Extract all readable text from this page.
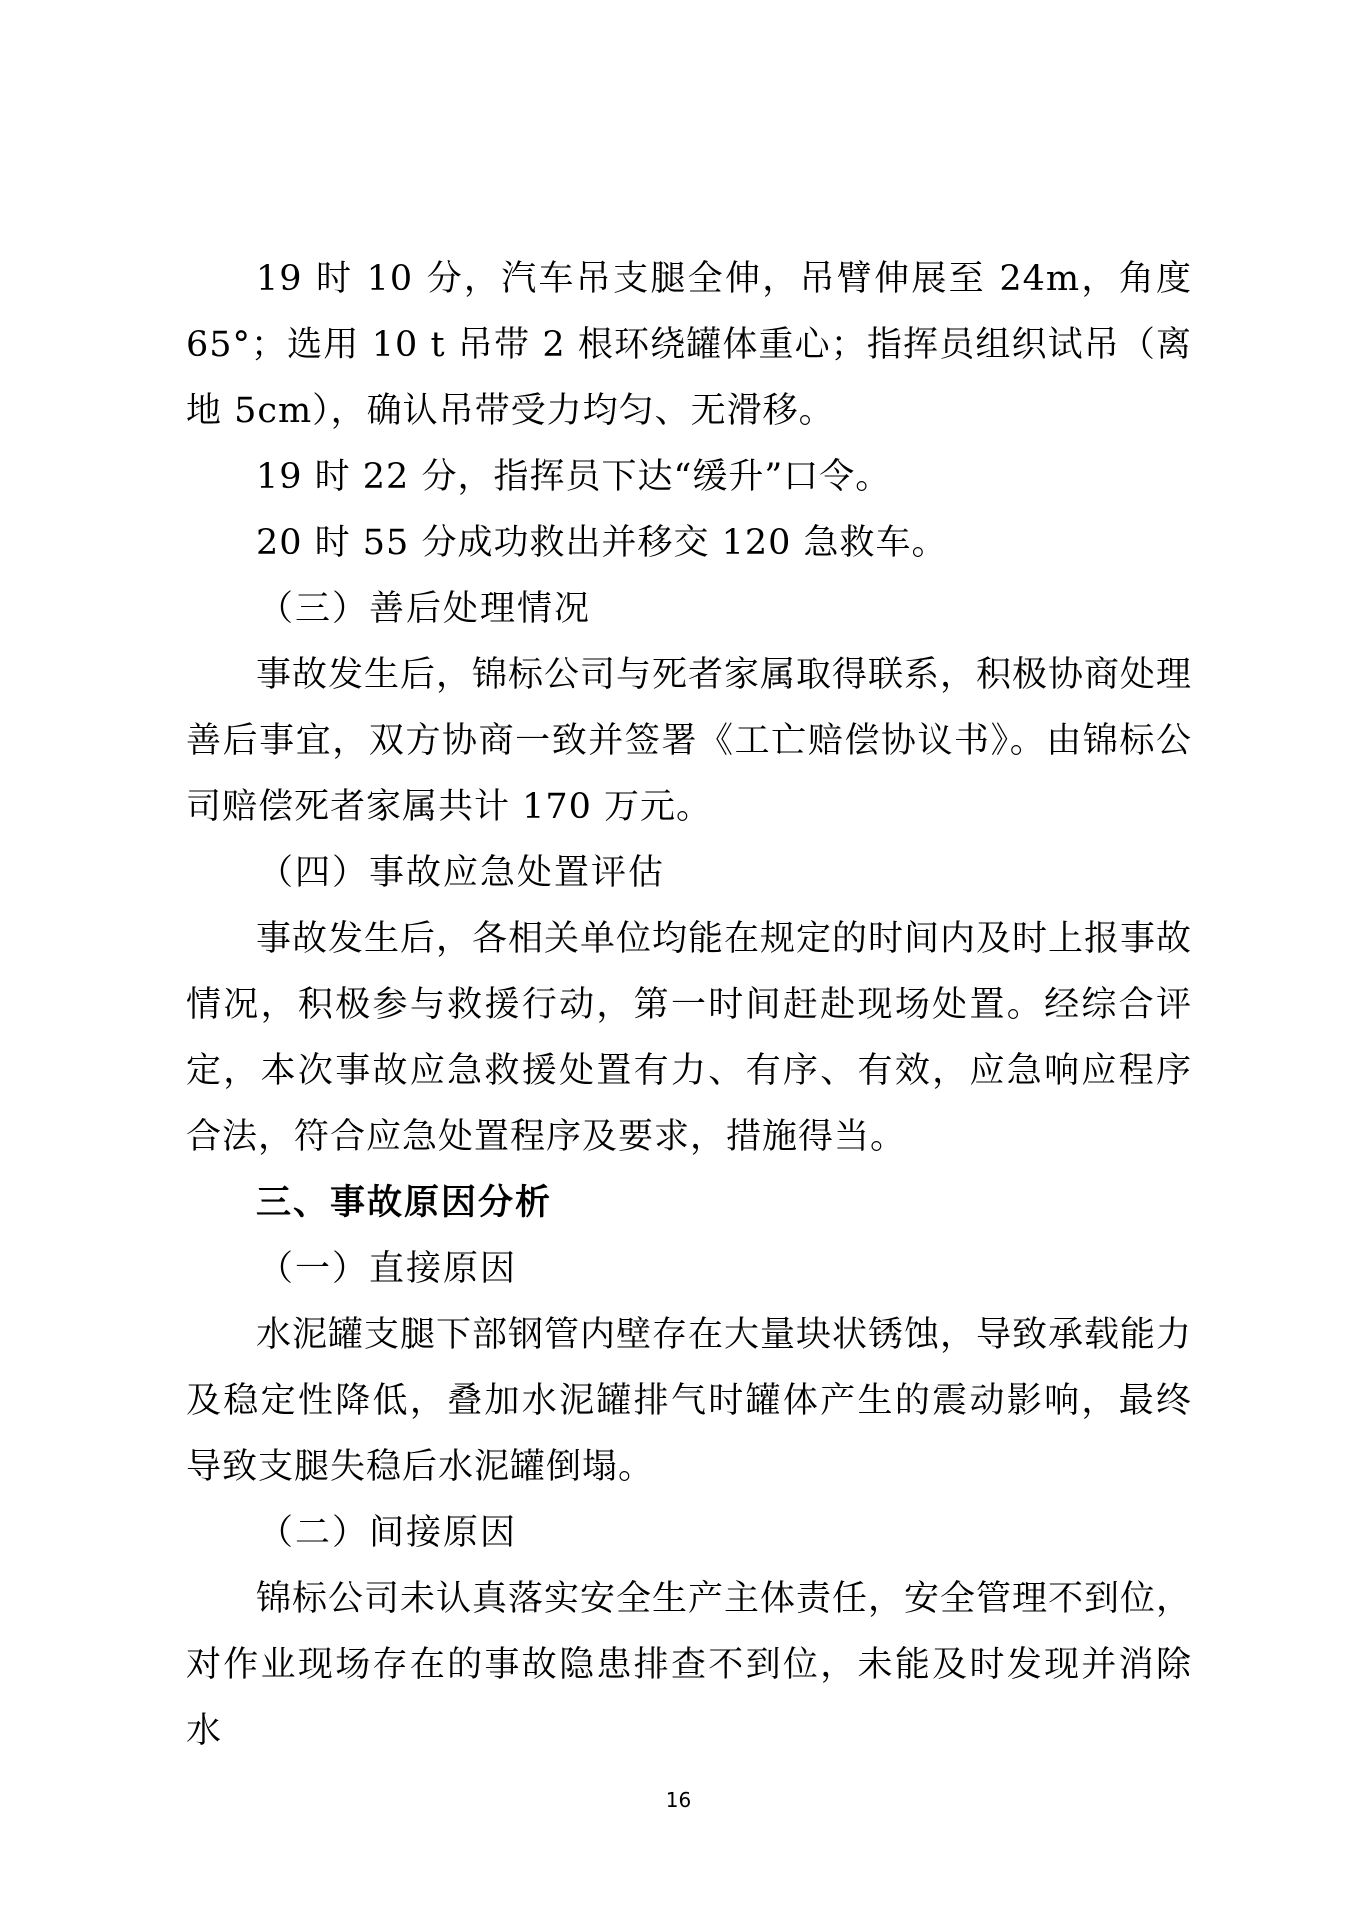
19 时 10 分，汽车吊支腿全伸，吊臂伸展至 24m，角度 65°；选用 10 t 吊带 2 根环绕罐体重心；指挥员组织试吊（离地 5cm），确认吊带受力均匀、无滑移。

19 时 22 分，指挥员下达“缓升”口令。

20 时 55 分成功救出并移交 120 急救车。

（三）善后处理情况

事故发生后，锦标公司与死者家属取得联系，积极协商处理善后事宜，双方协商一致并签署《工亡赔偿协议书》。由锦标公司赔偿死者家属共计 170 万元。

（四）事故应急处置评估

事故发生后，各相关单位均能在规定的时间内及时上报事故情况，积极参与救援行动，第一时间赶赴现场处置。经综合评定，本次事故应急救援处置有力、有序、有效，应急响应程序合法，符合应急处置程序及要求，措施得当。

三、事故原因分析

（一）直接原因

水泥罐支腿下部钢管内壁存在大量块状锈蚀，导致承载能力及稳定性降低，叠加水泥罐排气时罐体产生的震动影响，最终导致支腿失稳后水泥罐倒塌。

（二）间接原因

锦标公司未认真落实安全生产主体责任，安全管理不到位，对作业现场存在的事故隐患排查不到位，未能及时发现并消除水

16
